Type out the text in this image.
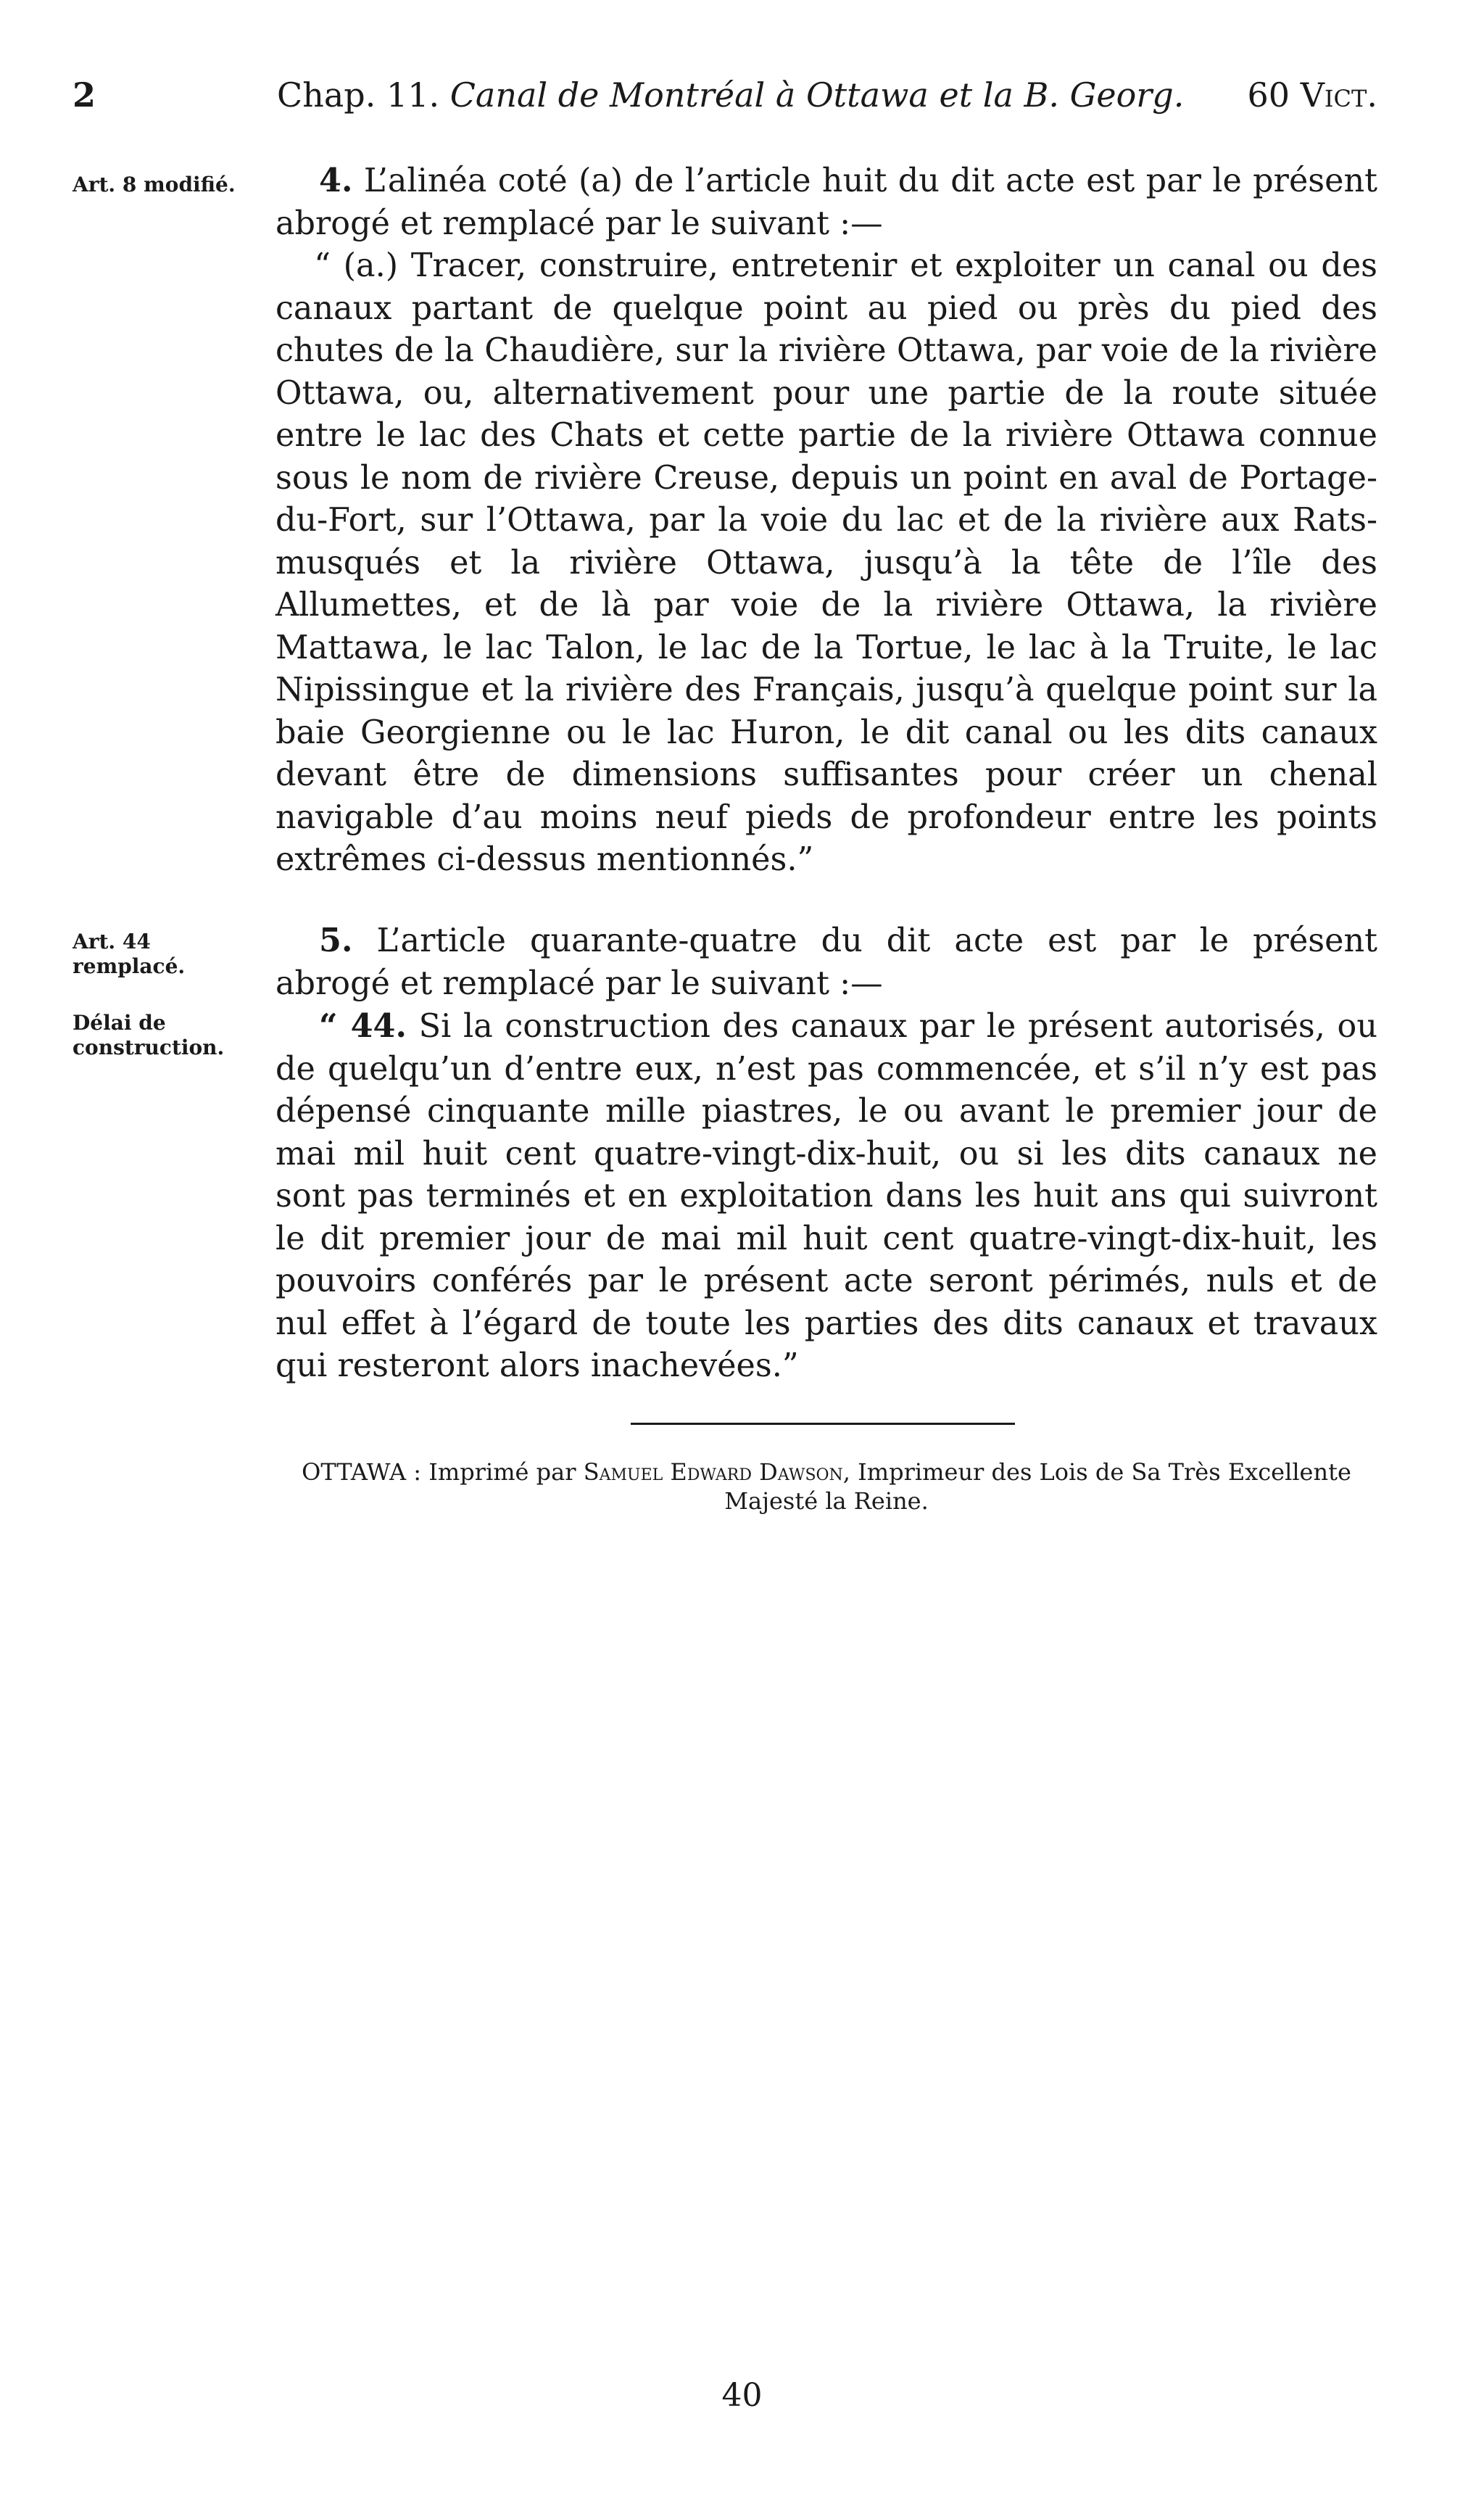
2	Chap. 11. Canal de Montréal à Ottawa et la B. Georg. 60 Vict.
Art. 8 modifié.
Art. 44 remplacé.
Délai de construction.

4. L’alinéa coté (a) de l’article huit du dit acte est par le présent abrogé et remplacé par le suivant :—

“ (a.) Tracer, construire, entretenir et exploiter un canal ou des canaux partant de quelque point au pied ou près du pied des chutes de la Chaudière, sur la rivière Ottawa, par voie de la rivière Ottawa, ou, alternativement pour une partie de la route située entre le lac des Chats et cette partie de la rivière Ottawa connue sous le nom de rivière Creuse, depuis un point en aval de Portage-du-Fort, sur l’Ottawa, par la voie du lac et de la rivière aux Rats-musqués et la rivière Ottawa, jusqu’à la tête de l’île des Allumettes, et de là par voie de la rivière Ottawa, la rivière Mattawa, le lac Talon, le lac de la Tortue, le lac à la Truite, le lac Nipissingue et la rivière des Français, jusqu’à quelque point sur la baie Georgienne ou le lac Huron, le dit canal ou les dits canaux devant être de dimensions suffisantes pour créer un chenal navigable d’au moins neuf pieds de profondeur entre les points extrêmes ci-dessus mentionnés.”

5. L’article quarante-quatre du dit acte est par le présent abrogé et remplacé par le suivant :—

“ 44. Si la construction des canaux par le présent autorisés, ou de quelqu’un d’entre eux, n’est pas commencée, et s’il n’y est pas dépensé cinquante mille piastres, le ou avant le premier jour de mai mil huit cent quatre-vingt-dix-huit, ou si les dits canaux ne sont pas terminés et en exploitation dans les huit ans qui suivront le dit premier jour de mai mil huit cent quatre-vingt-dix-huit, les pouvoirs conférés par le présent acte seront périmés, nuls et de nul effet à l’égard de toute les parties des dits canaux et travaux qui resteront alors inachevées.”

OTTAWA : Imprimé par Samuel Edward Dawson, Imprimeur des Lois de Sa Très Excellente Majesté la Reine.
40
